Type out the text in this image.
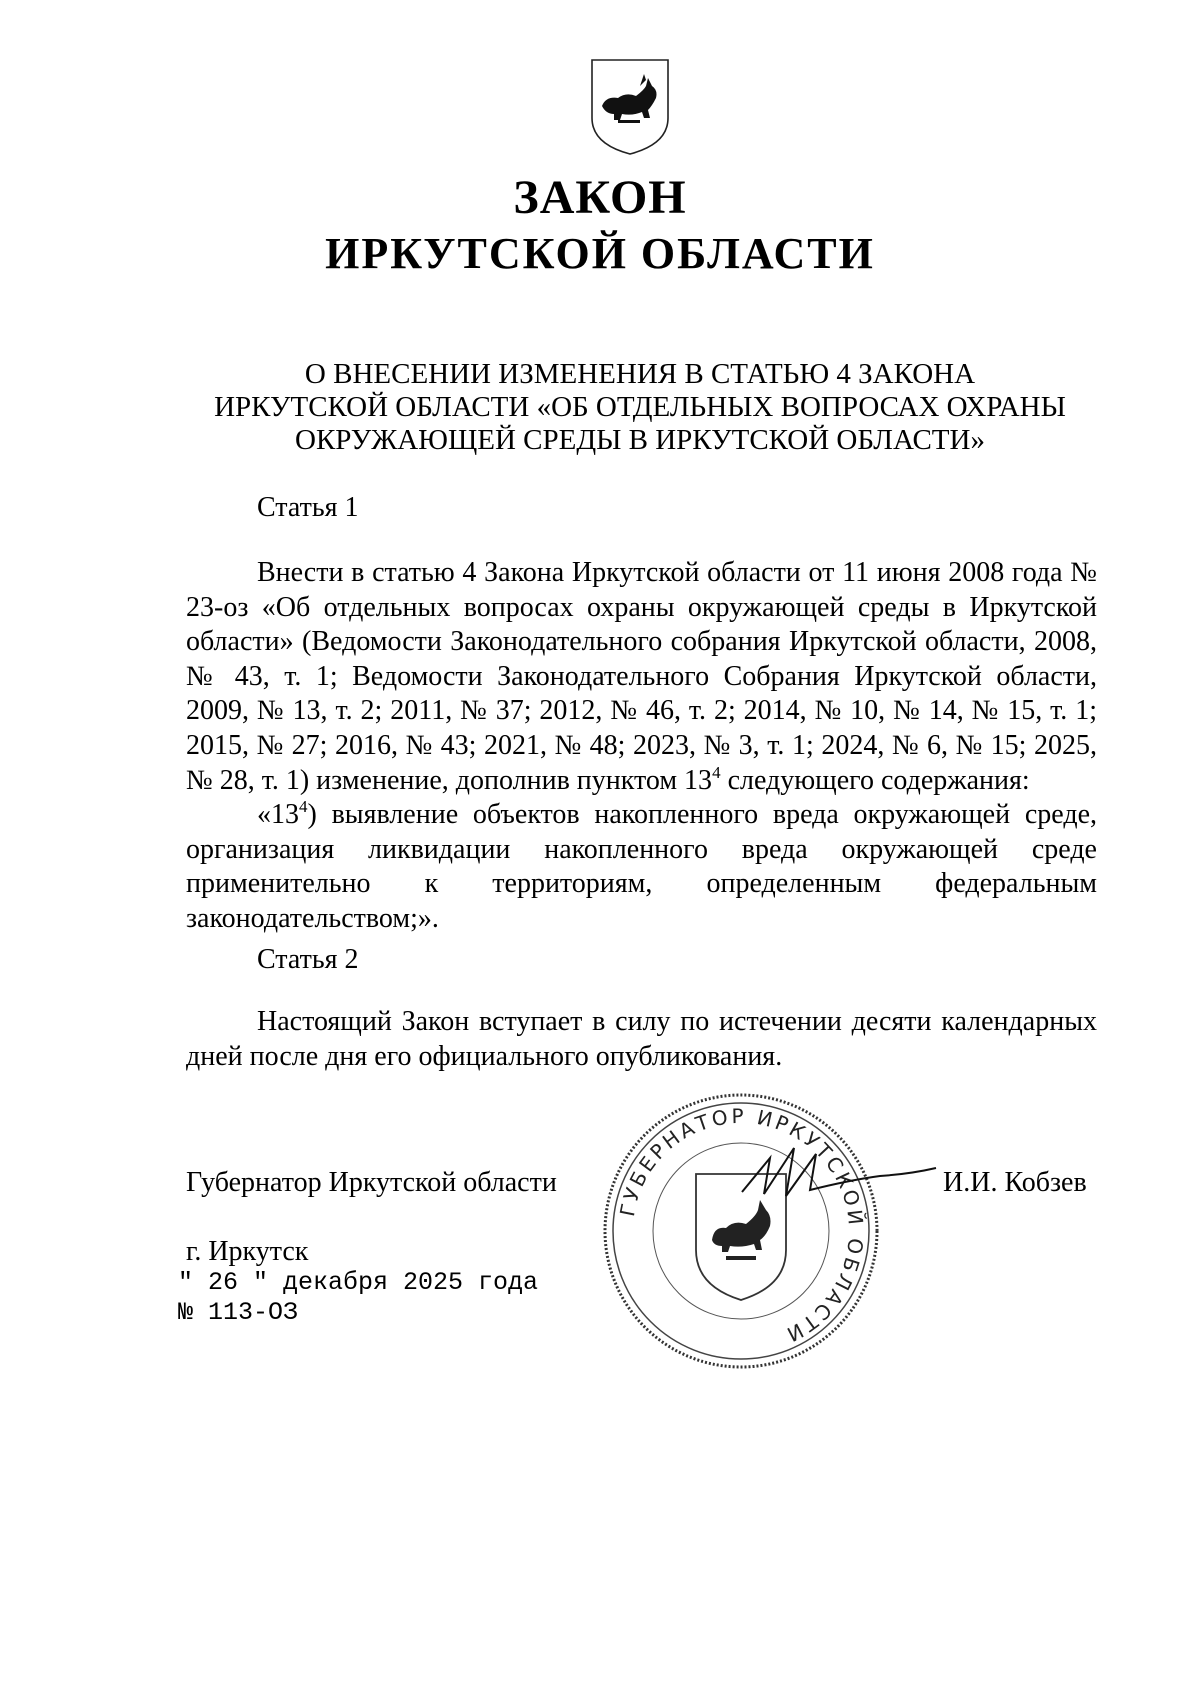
ЗАКОН
ИРКУТСКОЙ ОБЛАСТИ
О ВНЕСЕНИИ ИЗМЕНЕНИЯ В СТАТЬЮ 4 ЗАКОНА
ИРКУТСКОЙ ОБЛАСТИ «ОБ ОТДЕЛЬНЫХ ВОПРОСАХ ОХРАНЫ
ОКРУЖАЮЩЕЙ СРЕДЫ В ИРКУТСКОЙ ОБЛАСТИ»
Статья 1

Внести в статью 4 Закона Иркутской области от 11 июня 2008 года № 23-оз «Об отдельных вопросах охраны окружающей среды в Иркутской области» (Ведомости Законодательного собрания Иркутской области, 2008, № 43, т. 1; Ведомости Законодательного Собрания Иркутской области, 2009, № 13, т. 2; 2011, № 37; 2012, № 46, т. 2; 2014, № 10, № 14, № 15, т. 1; 2015, № 27; 2016, № 43; 2021, № 48; 2023, № 3, т. 1; 2024, № 6, № 15; 2025, № 28, т. 1) изменение, дополнив пунктом $13^4$ следующего содержания:

«$13^4$) выявление объектов накопленного вреда окружающей среде, организация ликвидации накопленного вреда окружающей среде применительно к территориям, определенным федеральным законодательством;».

Статья 2

Настоящий Закон вступает в силу по истечении десяти календарных дней после дня его официального опубликования.

ГУБЕРНАТОР ИРКУТСКОЙ ОБЛАСТИ
Губернатор Иркутской области	И.И. Кобзев
г. Иркутск
" 26 " декабря 2025 года
№ 113-ОЗ
